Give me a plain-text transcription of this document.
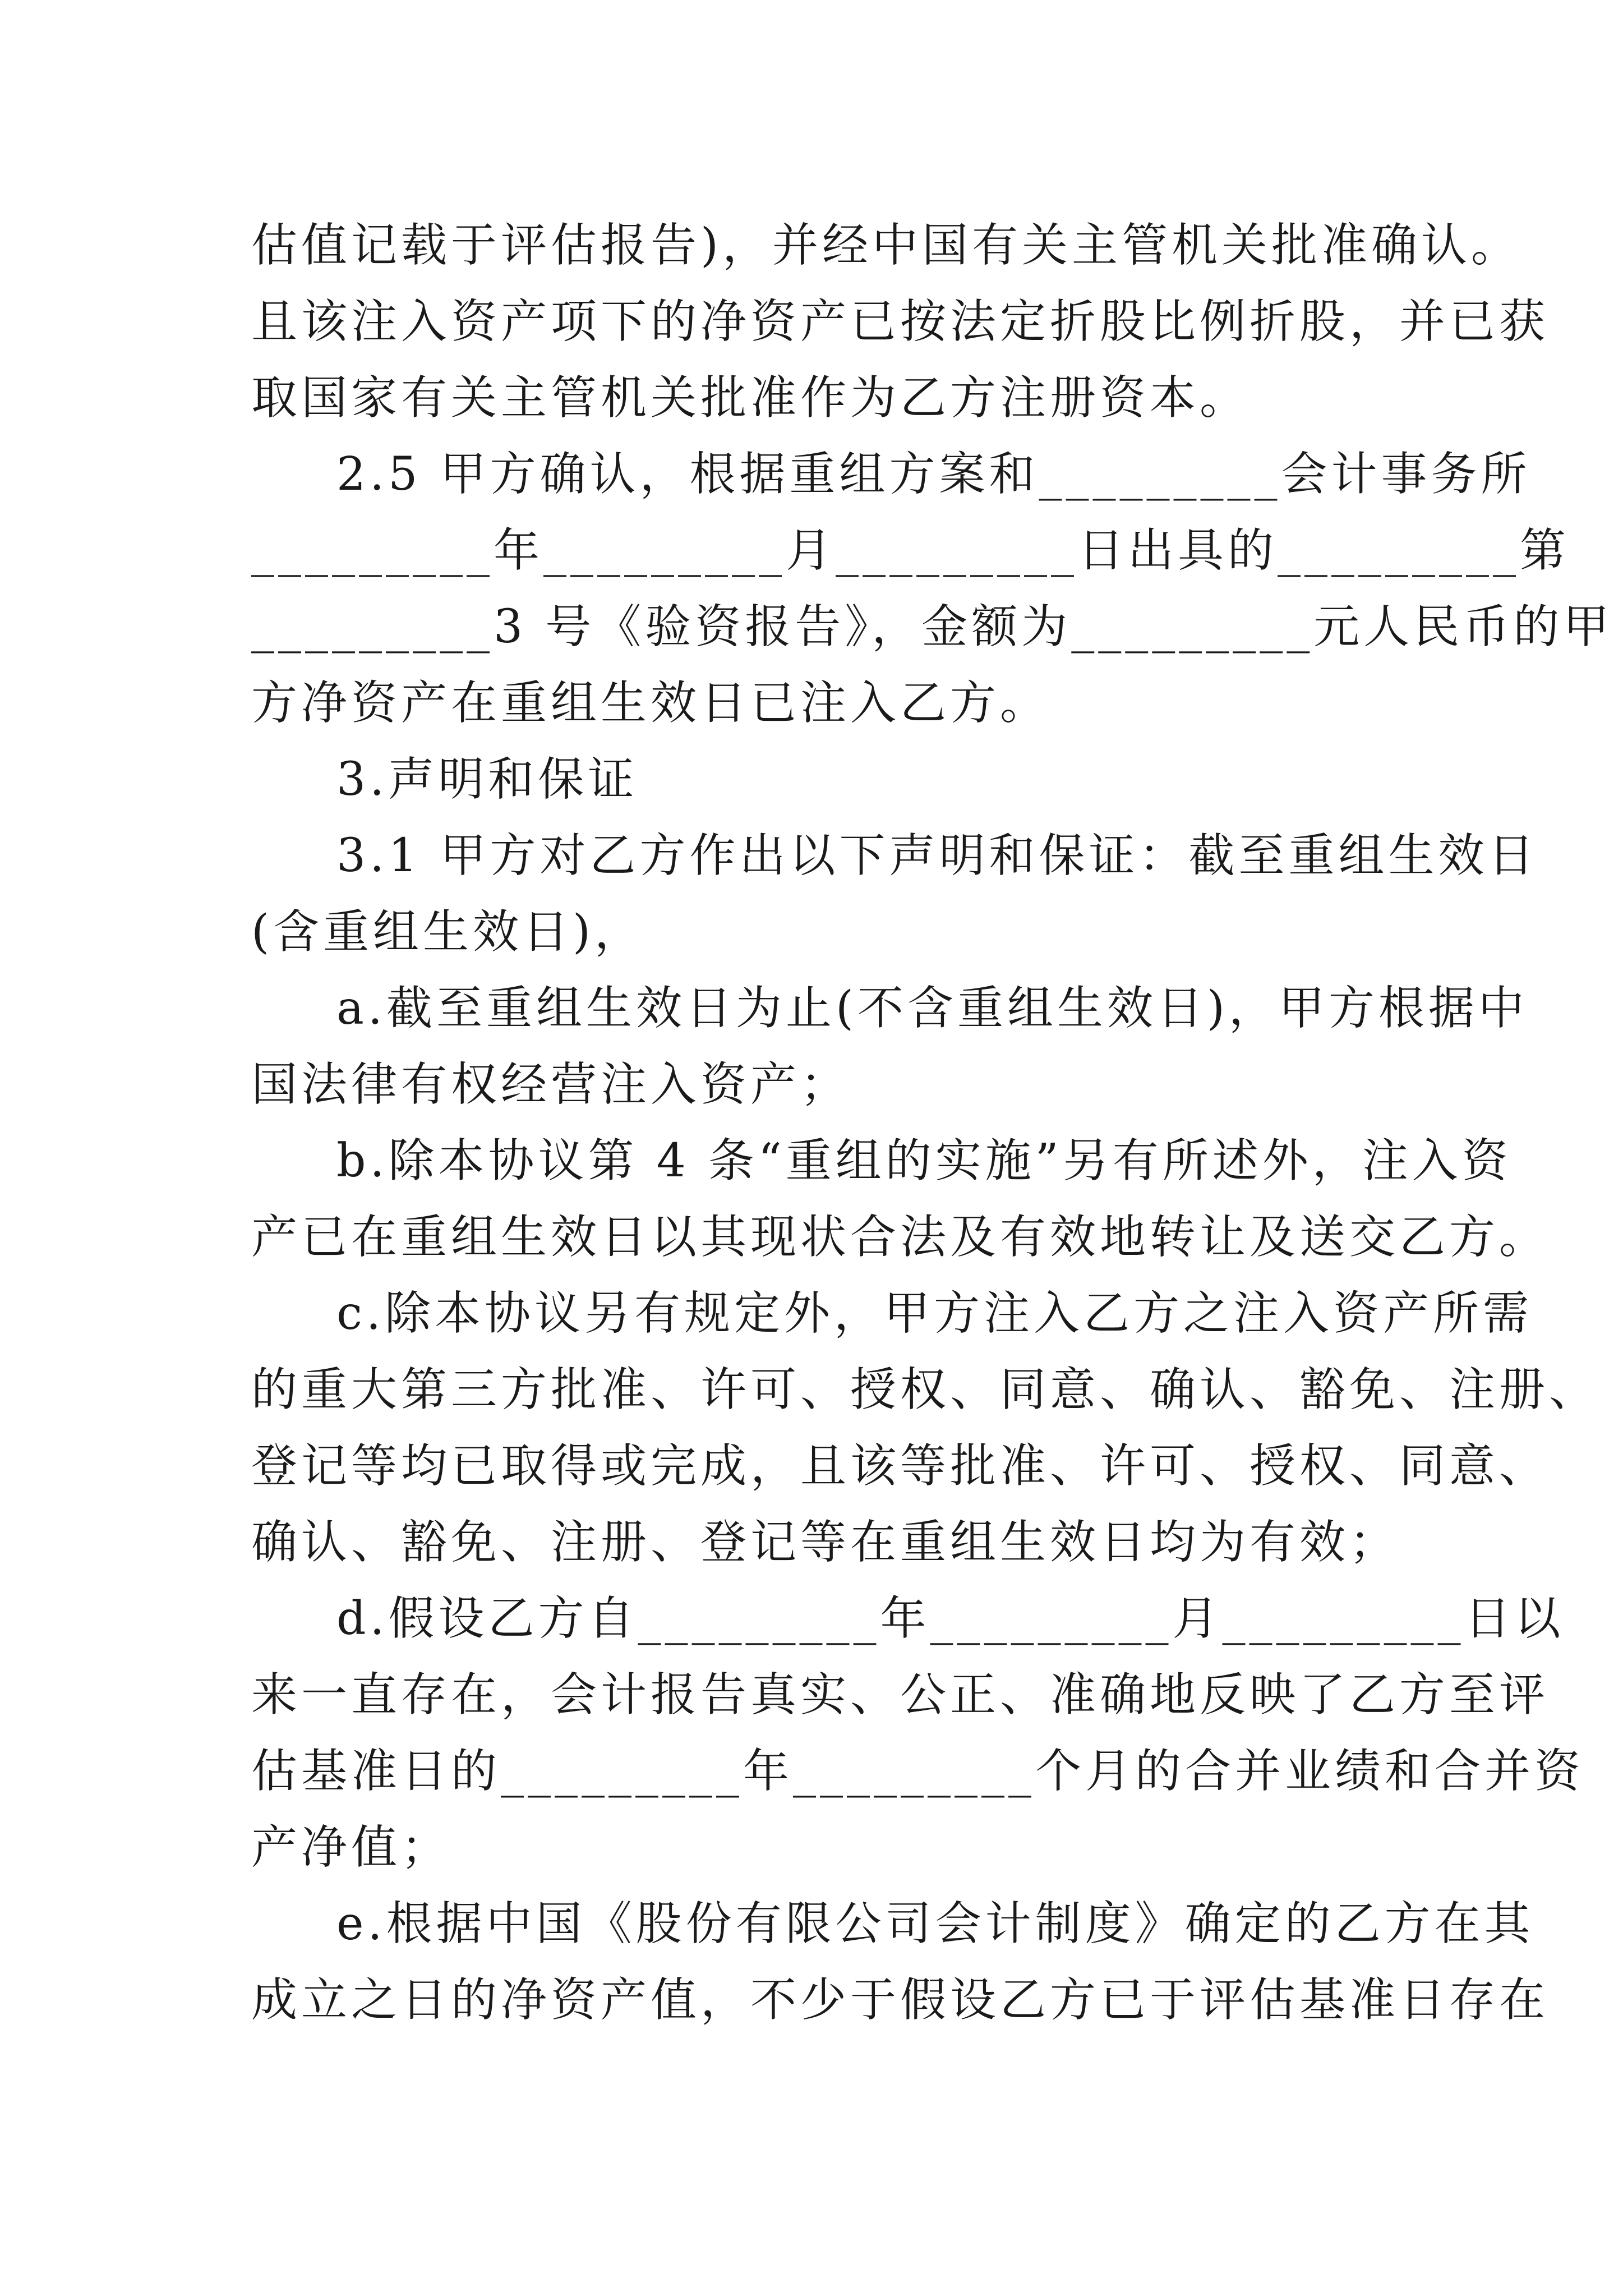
估值记载于评估报告)，并经中国有关主管机关批准确认。
且该注入资产项下的净资产已按法定折股比例折股，并已获
取国家有关主管机关批准作为乙方注册资本。
2.5 甲方确认，根据重组方案和_________会计事务所
_________年_________月_________日出具的_________第
_________3 号《验资报告》，金额为_________元人民币的甲
方净资产在重组生效日已注入乙方。
3.声明和保证
3.1 甲方对乙方作出以下声明和保证：截至重组生效日
(含重组生效日)，
a.截至重组生效日为止(不含重组生效日)，甲方根据中
国法律有权经营注入资产；
b.除本协议第 4 条“重组的实施”另有所述外，注入资
产已在重组生效日以其现状合法及有效地转让及送交乙方。
c.除本协议另有规定外，甲方注入乙方之注入资产所需
的重大第三方批准、许可、授权、同意、确认、豁免、注册、
登记等均已取得或完成，且该等批准、许可、授权、同意、
确认、豁免、注册、登记等在重组生效日均为有效；
d.假设乙方自_________年_________月_________日以
来一直存在，会计报告真实、公正、准确地反映了乙方至评
估基准日的_________年_________个月的合并业绩和合并资
产净值；
e.根据中国《股份有限公司会计制度》确定的乙方在其
成立之日的净资产值，不少于假设乙方已于评估基准日存在
